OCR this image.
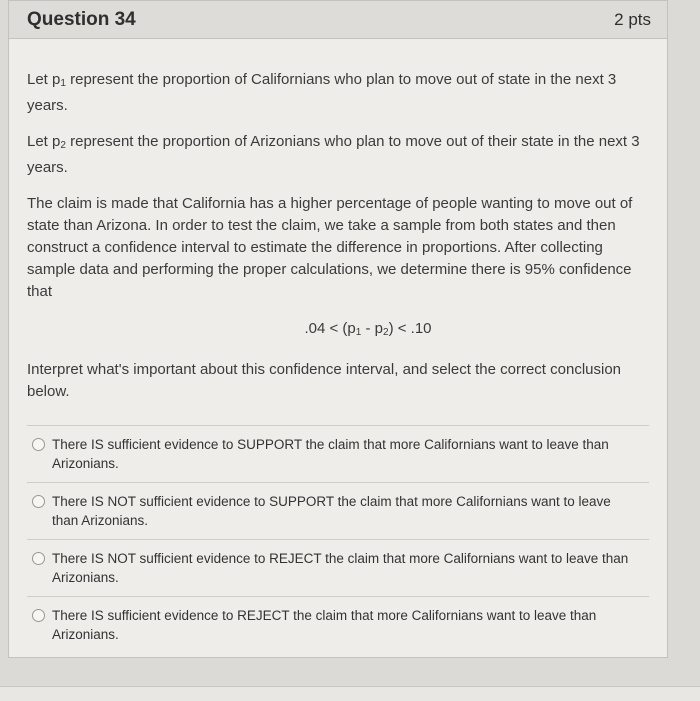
Question 34	2 pts

Let $p_1$ represent the proportion of Californians who plan to move out of state in the next 3 years.

Let $p_2$ represent the proportion of Arizonians who plan to move out of their state in the next 3 years.

The claim is made that California has a higher percentage of people wanting to move out of state than Arizona. In order to test the claim, we take a sample from both states and then construct a confidence interval to estimate the difference in proportions. After collecting sample data and performing the proper calculations, we determine there is 95% confidence that

$.04 < (p_1 - p_2) < .10$

Interpret what's important about this confidence interval, and select the correct conclusion below.

There IS sufficient evidence to SUPPORT the claim that more Californians want to leave than Arizonians.
There IS NOT sufficient evidence to SUPPORT the claim that more Californians want to leave than Arizonians.
There IS NOT sufficient evidence to REJECT the claim that more Californians want to leave than Arizonians.
There IS sufficient evidence to REJECT the claim that more Californians want to leave than Arizonians.
